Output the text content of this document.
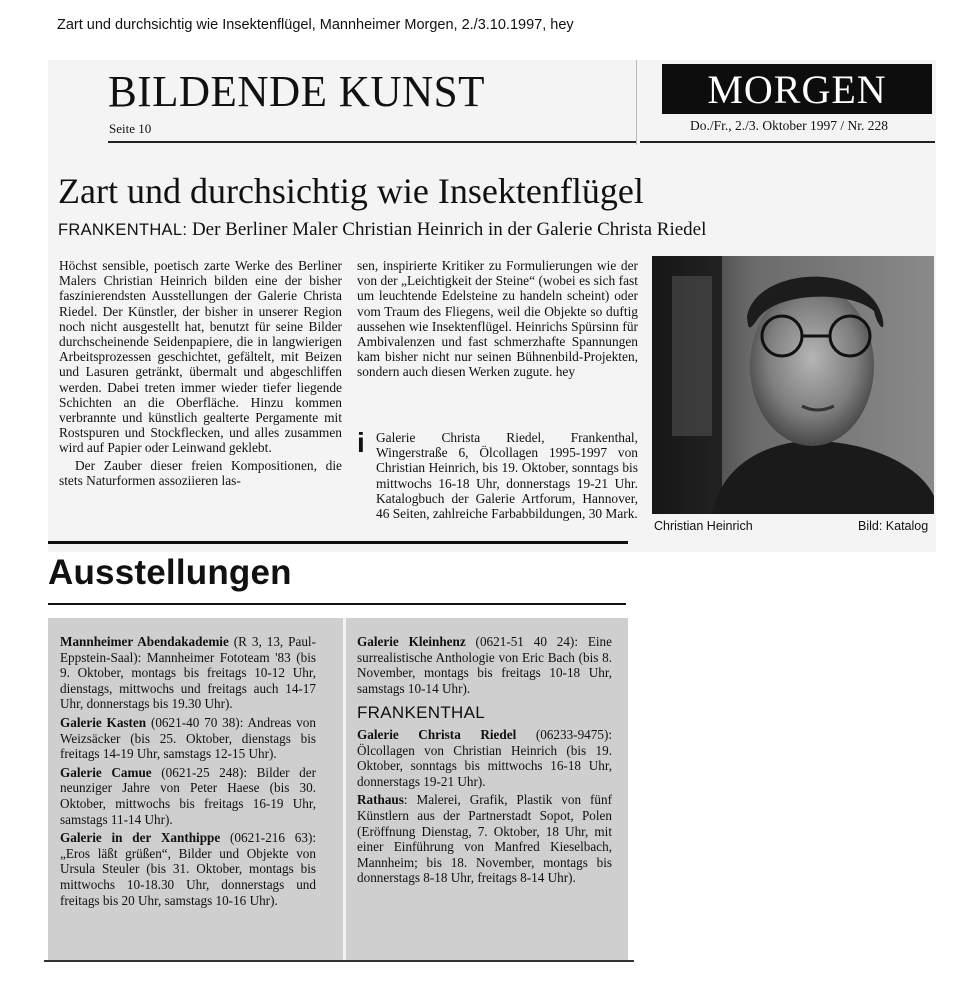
Zart und durchsichtig wie Insektenflügel, Mannheimer Morgen, 2./3.10.1997, hey
BILDENDE KUNST
Seite 10
MORGEN
Do./Fr., 2./3. Oktober 1997 / Nr. 228
Zart und durchsichtig wie Insektenflügel
FRANKENTHAL: Der Berliner Maler Christian Heinrich in der Galerie Christa Riedel

Höchst sensible, poetisch zarte Werke des Berliner Malers Christian Heinrich bilden eine der bisher faszinierendsten Ausstellungen der Galerie Christa Riedel. Der Künstler, der bisher in unserer Region noch nicht ausgestellt hat, benutzt für seine Bilder durchscheinende Seidenpapiere, die in langwierigen Arbeitsprozessen geschichtet, gefältelt, mit Beizen und Lasuren getränkt, übermalt und abgeschliffen werden. Dabei treten immer wieder tiefer liegende Schichten an die Oberfläche. Hinzu kommen verbrannte und künstlich gealterte Pergamente mit Rostspuren und Stockflecken, und alles zusammen wird auf Papier oder Leinwand geklebt.

Der Zauber dieser freien Kompositionen, die stets Naturformen assoziieren las-

sen, inspirierte Kritiker zu Formulierungen wie der von der „Leichtigkeit der Steine“ (wobei es sich fast um leuchtende Edelsteine zu handeln scheint) oder vom Traum des Fliegens, weil die Objekte so duftig aussehen wie Insektenflügel. Heinrichs Spürsinn für Ambivalenzen und fast schmerzhafte Spannungen kam bisher nicht nur seinen Bühnenbild-Projekten, sondern auch diesen Werken zugute. hey

i Galerie Christa Riedel, Frankenthal, Wingerstraße 6, Ölcollagen 1995-1997 von Christian Heinrich, bis 19. Oktober, sonntags bis mittwochs 16-18 Uhr, donnerstags 19-21 Uhr. Katalogbuch der Galerie Artforum, Hannover, 46 Seiten, zahlreiche Farbabbildungen, 30 Mark.
Christian Heinrich	Bild: Katalog
Ausstellungen

Mannheimer Abendakademie (R 3, 13, Paul-Eppstein-Saal): Mannheimer Fototeam '83 (bis 9. Oktober, montags bis freitags 10-12 Uhr, dienstags, mittwochs und freitags auch 14-17 Uhr, donnerstags bis 19.30 Uhr).

Galerie Kasten (0621-40 70 38): Andreas von Weizsäcker (bis 25. Oktober, dienstags bis freitags 14-19 Uhr, samstags 12-15 Uhr).

Galerie Camue (0621-25 248): Bilder der neunziger Jahre von Peter Haese (bis 30. Oktober, mittwochs bis freitags 16-19 Uhr, samstags 11-14 Uhr).

Galerie in der Xanthippe (0621-216 63): „Eros läßt grüßen“, Bilder und Objekte von Ursula Steuler (bis 31. Oktober, montags bis mittwochs 10-18.30 Uhr, donnerstags und freitags bis 20 Uhr, samstags 10-16 Uhr).

Galerie Kleinhenz (0621-51 40 24): Eine surrealistische Anthologie von Eric Bach (bis 8. November, montags bis freitags 10-18 Uhr, samstags 10-14 Uhr).

FRANKENTHAL

Galerie Christa Riedel (06233-9475): Ölcollagen von Christian Heinrich (bis 19. Oktober, sonntags bis mittwochs 16-18 Uhr, donnerstags 19-21 Uhr).

Rathaus: Malerei, Grafik, Plastik von fünf Künstlern aus der Partnerstadt Sopot, Polen (Eröffnung Dienstag, 7. Oktober, 18 Uhr, mit einer Einführung von Manfred Kieselbach, Mannheim; bis 18. November, montags bis donnerstags 8-18 Uhr, freitags 8-14 Uhr).
